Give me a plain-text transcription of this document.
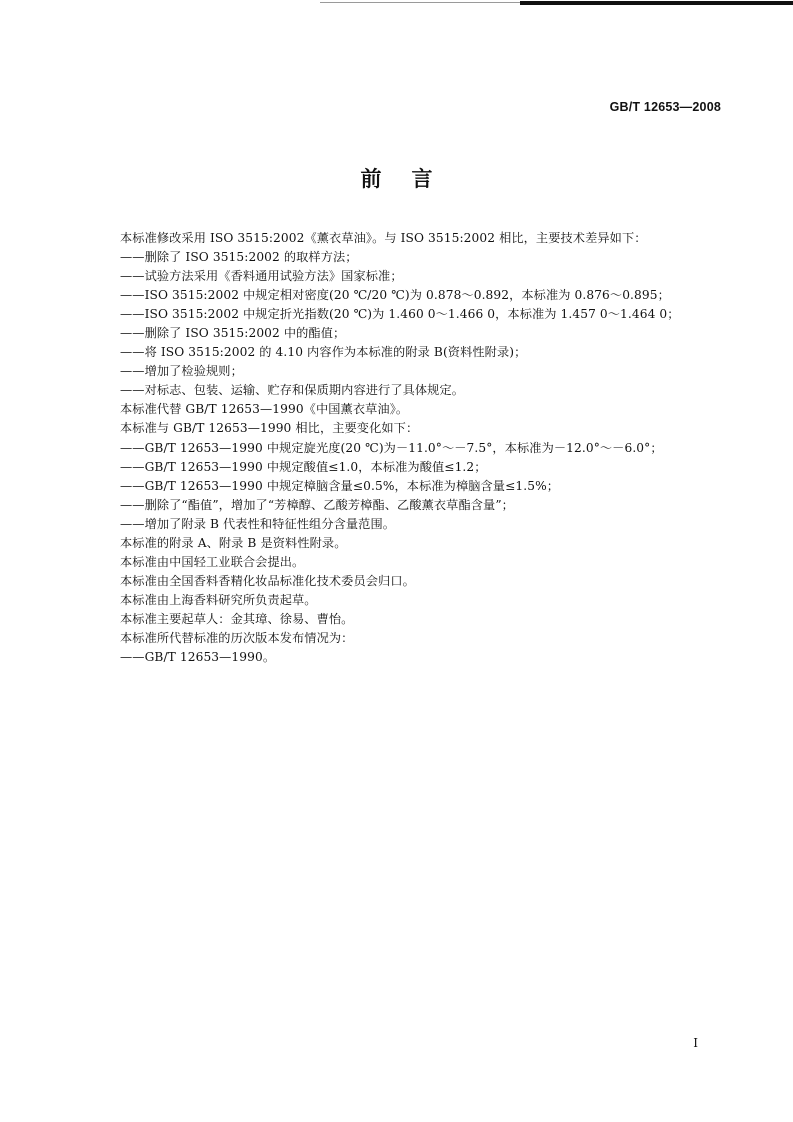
GB/T 12653—2008
前言
本标准修改采用 ISO 3515:2002《薰衣草油》。与 ISO 3515:2002 相比，主要技术差异如下：
——删除了 ISO 3515:2002 的取样方法；
——试验方法采用《香料通用试验方法》国家标准；
——ISO 3515:2002 中规定相对密度(20 ℃/20 ℃)为 0.878～0.892，本标准为 0.876～0.895；
——ISO 3515:2002 中规定折光指数(20 ℃)为 1.460 0～1.466 0，本标准为 1.457 0～1.464 0；
——删除了 ISO 3515:2002 中的酯值；
——将 ISO 3515:2002 的 4.10 内容作为本标准的附录 B(资料性附录)；
——增加了检验规则；
——对标志、包装、运输、贮存和保质期内容进行了具体规定。
本标准代替 GB/T 12653—1990《中国薰衣草油》。
本标准与 GB/T 12653—1990 相比，主要变化如下：
——GB/T 12653—1990 中规定旋光度(20 ℃)为－11.0°～－7.5°，本标准为－12.0°～－6.0°；
——GB/T 12653—1990 中规定酸值≤1.0，本标准为酸值≤1.2；
——GB/T 12653—1990 中规定樟脑含量≤0.5%，本标准为樟脑含量≤1.5%；
——删除了“酯值”，增加了“芳樟醇、乙酸芳樟酯、乙酸薰衣草酯含量”；
——增加了附录 B 代表性和特征性组分含量范围。
本标准的附录 A、附录 B 是资料性附录。
本标准由中国轻工业联合会提出。
本标准由全国香料香精化妆品标准化技术委员会归口。
本标准由上海香料研究所负责起草。
本标准主要起草人：金其璋、徐易、曹怡。
本标准所代替标准的历次版本发布情况为：
——GB/T 12653—1990。
I
